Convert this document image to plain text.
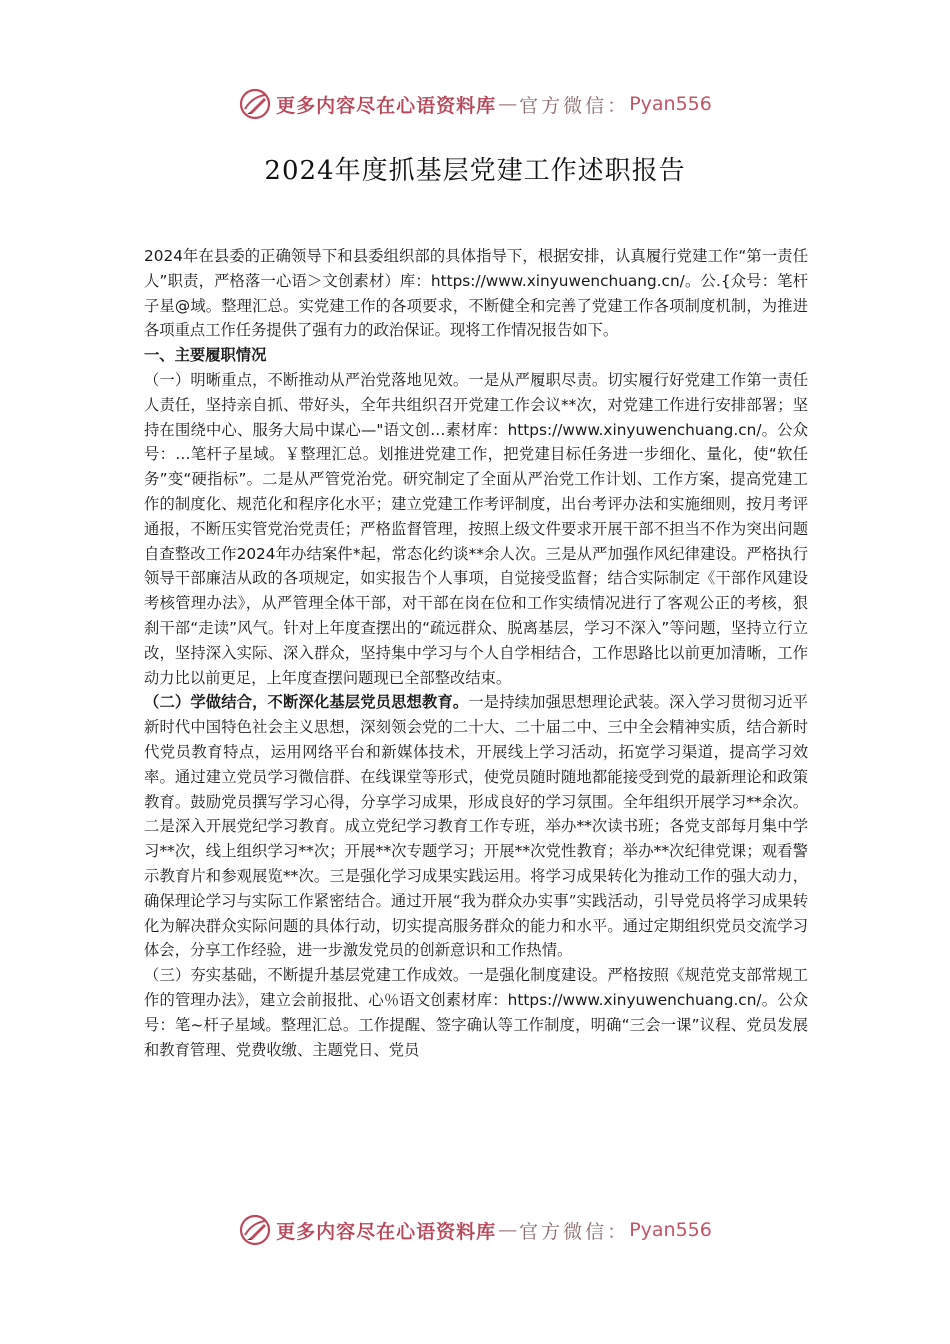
更多内容尽在心语资料库 — 官方微信： Pyan556
2024年度抓基层党建工作述职报告

2024年在县委的正确领导下和县委组织部的具体指导下，根据安排，认真履行党建工作“第一责任人”职责，严格落一心语＞文创素材）库：https://www.xinyuwenchuang.cn/。公.{众号：笔杆子星@域。整理汇总。实党建工作的各项要求，不断健全和完善了党建工作各项制度机制，为推进各项重点工作任务提供了强有力的政治保证。现将工作情况报告如下。

一、主要履职情况

（一）明晰重点，不断推动从严治党落地见效。一是从严履职尽责。切实履行好党建工作第一责任人责任，坚持亲自抓、带好头，全年共组织召开党建工作会议**次，对党建工作进行安排部署；坚持在围绕中心、服务大局中谋心—"语文创…素材库：https://www.xinyuwenchuang.cn/。公众号：…笔杆子星域。￥整理汇总。划推进党建工作，把党建目标任务进一步细化、量化，使“软任务”变“硬指标”。二是从严管党治党。研究制定了全面从严治党工作计划、工作方案，提高党建工作的制度化、规范化和程序化水平；建立党建工作考评制度，出台考评办法和实施细则，按月考评通报，不断压实管党治党责任；严格监督管理，按照上级文件要求开展干部不担当不作为突出问题自查整改工作2024年办结案件*起，常态化约谈**余人次。三是从严加强作风纪律建设。严格执行领导干部廉洁从政的各项规定，如实报告个人事项，自觉接受监督；结合实际制定《干部作风建设考核管理办法》，从严管理全体干部，对干部在岗在位和工作实绩情况进行了客观公正的考核，狠刹干部“走读”风气。针对上年度查摆出的“疏远群众、脱离基层，学习不深入”等问题，坚持立行立改，坚持深入实际、深入群众，坚持集中学习与个人自学相结合，工作思路比以前更加清晰，工作动力比以前更足，上年度查摆问题现已全部整改结束。

（二）学做结合，不断深化基层党员思想教育。一是持续加强思想理论武装。深入学习贯彻习近平新时代中国特色社会主义思想，深刻领会党的二十大、二十届二中、三中全会精神实质，结合新时代党员教育特点，运用网络平台和新媒体技术，开展线上学习活动，拓宽学习渠道，提高学习效率。通过建立党员学习微信群、在线课堂等形式，使党员随时随地都能接受到党的最新理论和政策教育。鼓励党员撰写学习心得，分享学习成果，形成良好的学习氛围。全年组织开展学习**余次。二是深入开展党纪学习教育。成立党纪学习教育工作专班，举办**次读书班；各党支部每月集中学习**次，线上组织学习**次；开展**次专题学习；开展**次党性教育；举办**次纪律党课；观看警示教育片和参观展览**次。三是强化学习成果实践运用。将学习成果转化为推动工作的强大动力，确保理论学习与实际工作紧密结合。通过开展“我为群众办实事”实践活动，引导党员将学习成果转化为解决群众实际问题的具体行动，切实提高服务群众的能力和水平。通过定期组织党员交流学习体会，分享工作经验，进一步激发党员的创新意识和工作热情。

（三）夯实基础，不断提升基层党建工作成效。一是强化制度建设。严格按照《规范党支部常规工作的管理办法》，建立会前报批、心％语文创素材库：https://www.xinyuwenchuang.cn/。公众号：笔~杆子星域。整理汇总。工作提醒、签字确认等工作制度，明确“三会一课”议程、党员发展和教育管理、党费收缴、主题党日、党员

更多内容尽在心语资料库 — 官方微信： Pyan556
